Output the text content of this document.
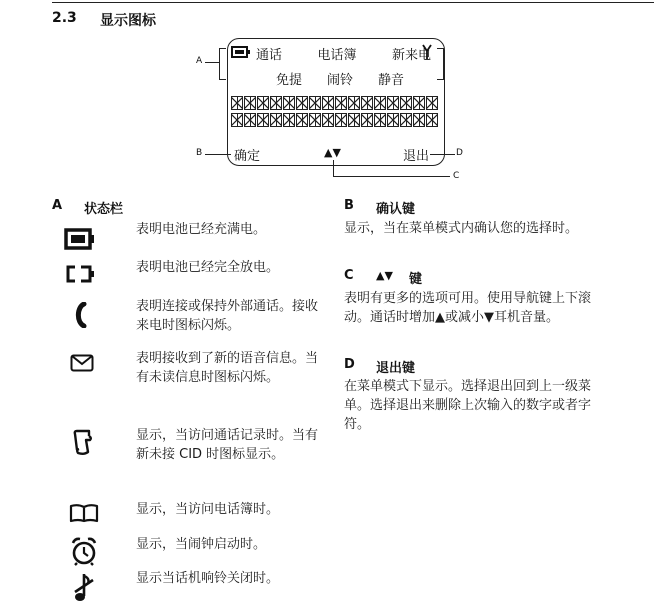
2.3 显示图标
通话	电话簿	新来电
免提 闹铃 静音
确定	▲▼	退出
A
B	D
C
A 状态栏
表明电池已经充满电。
表明电池已经完全放电。
表明连接或保持外部通话。接收来电时图标闪烁。
表明接收到了新的语音信息。当有未读信息时图标闪烁。
显示，当访问通话记录时。当有新未接 CID 时图标显示。
显示，当访问电话簿时。
显示，当闹钟启动时。
显示当话机响铃关闭时。
B 确认键
显示，当在菜单模式内确认您的选择时。
C ▲▼ 键
表明有更多的选项可用。使用导航键上下滚动。通话时增加▲或减小▼耳机音量。
D 退出键
在菜单模式下显示。选择退出回到上一级菜单。选择退出来删除上次输入的数字或者字符。
